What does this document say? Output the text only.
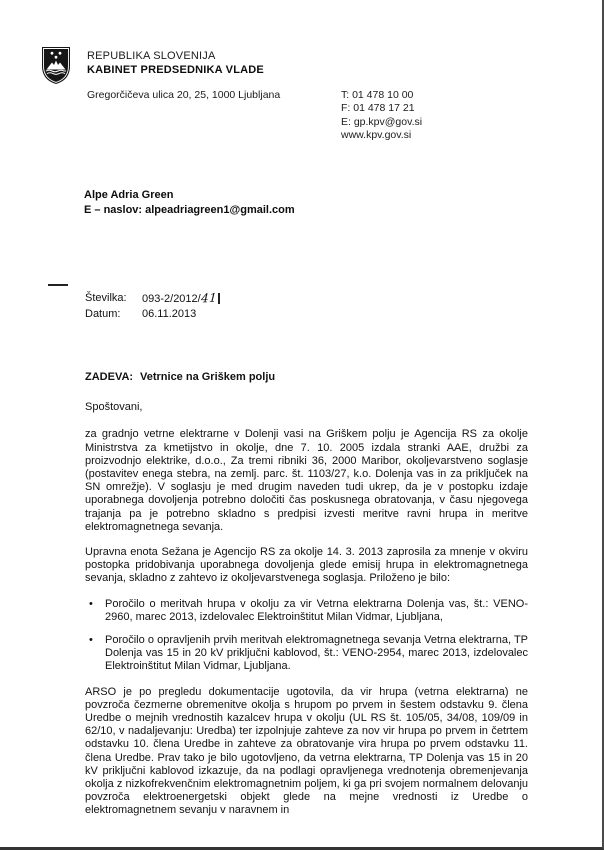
REPUBLIKA SLOVENIJA
KABINET PREDSEDNIKA VLADE
Gregorčičeva ulica 20, 25, 1000 Ljubljana	T: 01 478 10 00
F: 01 478 17 21
E: gp.kpv@gov.si
www.kpv.gov.si
Alpe Adria Green
E – naslov: alpeadriagreen1@gmail.com
Številka:	093-2/2012/41
Datum:	06.11.2013
ZADEVA: Vetrnice na Griškem polju
Spoštovani,

za gradnjo vetrne elektrarne v Dolenji vasi na Griškem polju je Agencija RS za okolje Ministrstva za kmetijstvo in okolje, dne 7. 10. 2005 izdala stranki AAE, družbi za proizvodnjo elektrike, d.o.o., Za tremi ribniki 36, 2000 Maribor, okoljevarstveno soglasje (postavitev enega stebra, na zemlj. parc. št. 1103/27, k.o. Dolenja vas in za priključek na SN omrežje). V soglasju je med drugim naveden tudi ukrep, da je v postopku izdaje uporabnega dovoljenja potrebno določiti čas poskusnega obratovanja, v času njegovega trajanja pa je potrebno skladno s predpisi izvesti meritve ravni hrupa in meritve elektromagnetnega sevanja.

Upravna enota Sežana je Agencijo RS za okolje 14. 3. 2013 zaprosila za mnenje v okviru postopka pridobivanja uporabnega dovoljenja glede emisij hrupa in elektromagnetnega sevanja, skladno z zahtevo iz okoljevarstvenega soglasja. Priloženo je bilo:

• Poročilo o meritvah hrupa v okolju za vir Vetrna elektrarna Dolenja vas, št.: VENO-2960, marec 2013, izdelovalec Elektroinštitut Milan Vidmar, Ljubljana,
• Poročilo o opravljenih prvih meritvah elektromagnetnega sevanja Vetrna elektrarna, TP Dolenja vas 15 in 20 kV priključni kablovod, št.: VENO-2954, marec 2013, izdelovalec Elektroinštitut Milan Vidmar, Ljubljana.

ARSO je po pregledu dokumentacije ugotovila, da vir hrupa (vetrna elektrarna) ne povzroča čezmerne obremenitve okolja s hrupom po prvem in šestem odstavku 9. člena Uredbe o mejnih vrednostih kazalcev hrupa v okolju (UL RS št. 105/05, 34/08, 109/09 in 62/10, v nadaljevanju: Uredba) ter izpolnjuje zahteve za nov vir hrupa po prvem in četrtem odstavku 10. člena Uredbe in zahteve za obratovanje vira hrupa po prvem odstavku 11. člena Uredbe. Prav tako je bilo ugotovljeno, da vetrna elektrarna, TP Dolenja vas 15 in 20 kV priključni kablovod izkazuje, da na podlagi opravljenega vrednotenja obremenjevanja okolja z nizkofrekvenčnim elektromagnetnim poljem, ki ga pri svojem normalnem delovanju povzroča elektroenergetski objekt glede na mejne vrednosti iz Uredbe o elektromagnetnem sevanju v naravnem in
